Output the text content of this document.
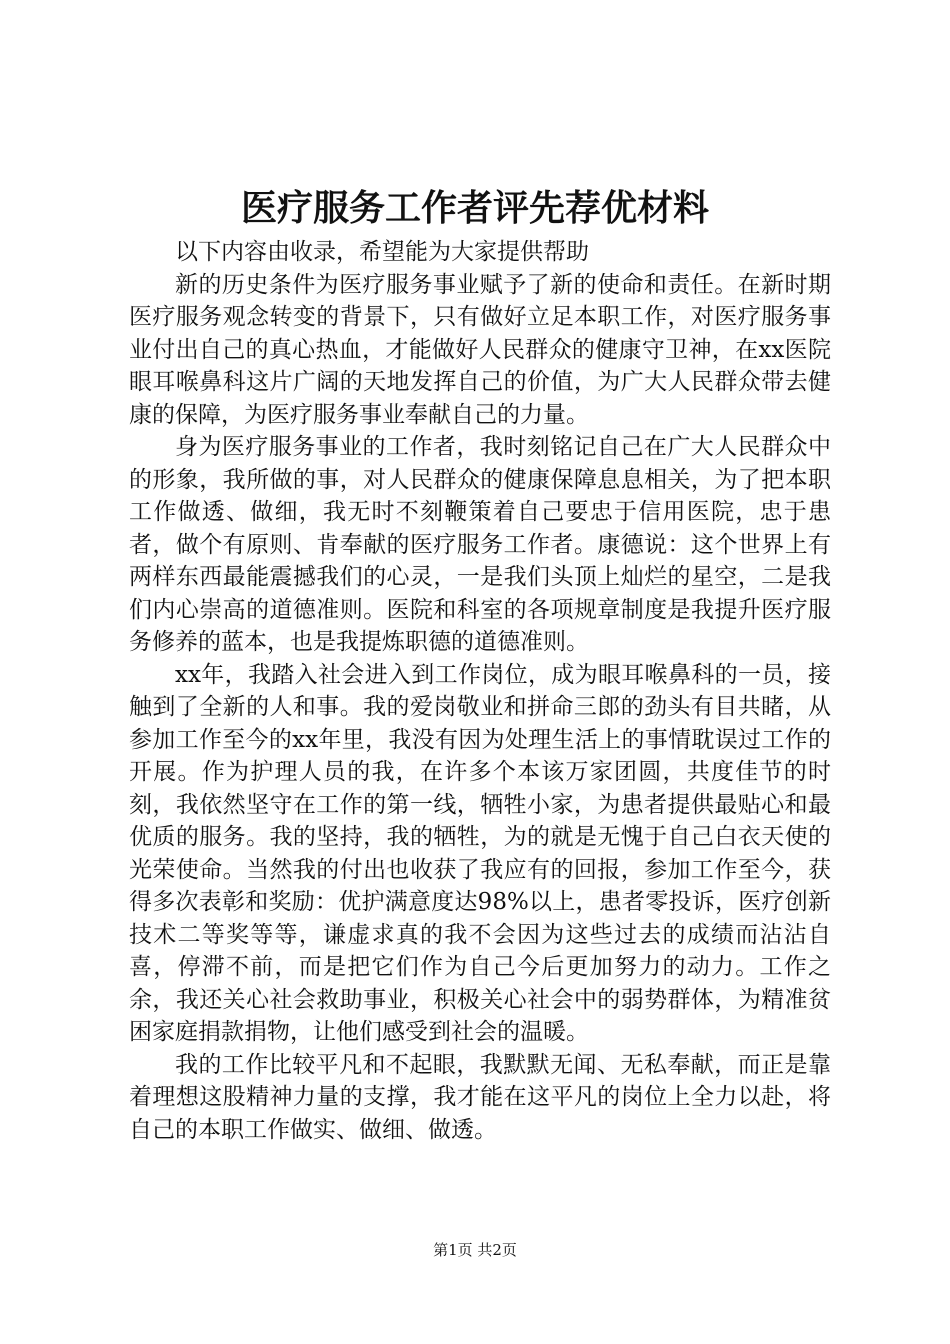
医疗服务工作者评先荐优材料

以下内容由收录，希望能为大家提供帮助

新的历史条件为医疗服务事业赋予了新的使命和责任。在新时期医疗服务观念转变的背景下，只有做好立足本职工作，对医疗服务事业付出自己的真心热血，才能做好人民群众的健康守卫神，在xx医院眼耳喉鼻科这片广阔的天地发挥自己的价值，为广大人民群众带去健康的保障，为医疗服务事业奉献自己的力量。

身为医疗服务事业的工作者，我时刻铭记自己在广大人民群众中的形象，我所做的事，对人民群众的健康保障息息相关，为了把本职工作做透、做细，我无时不刻鞭策着自己要忠于信用医院，忠于患者，做个有原则、肯奉献的医疗服务工作者。康德说：这个世界上有两样东西最能震撼我们的心灵，一是我们头顶上灿烂的星空，二是我们内心崇高的道德准则。医院和科室的各项规章制度是我提升医疗服务修养的蓝本，也是我提炼职德的道德准则。

xx年，我踏入社会进入到工作岗位，成为眼耳喉鼻科的一员，接触到了全新的人和事。我的爱岗敬业和拼命三郎的劲头有目共睹，从参加工作至今的xx年里，我没有因为处理生活上的事情耽误过工作的开展。作为护理人员的我，在许多个本该万家团圆，共度佳节的时刻，我依然坚守在工作的第一线，牺牲小家，为患者提供最贴心和最优质的服务。我的坚持，我的牺牲，为的就是无愧于自己白衣天使的光荣使命。当然我的付出也收获了我应有的回报，参加工作至今，获得多次表彰和奖励：优护满意度达98%以上，患者零投诉，医疗创新技术二等奖等等，谦虚求真的我不会因为这些过去的成绩而沾沾自喜，停滞不前，而是把它们作为自己今后更加努力的动力。工作之余，我还关心社会救助事业，积极关心社会中的弱势群体，为精准贫困家庭捐款捐物，让他们感受到社会的温暖。

我的工作比较平凡和不起眼，我默默无闻、无私奉献，而正是靠着理想这股精神力量的支撑，我才能在这平凡的岗位上全力以赴，将自己的本职工作做实、做细、做透。

第1页 共2页
